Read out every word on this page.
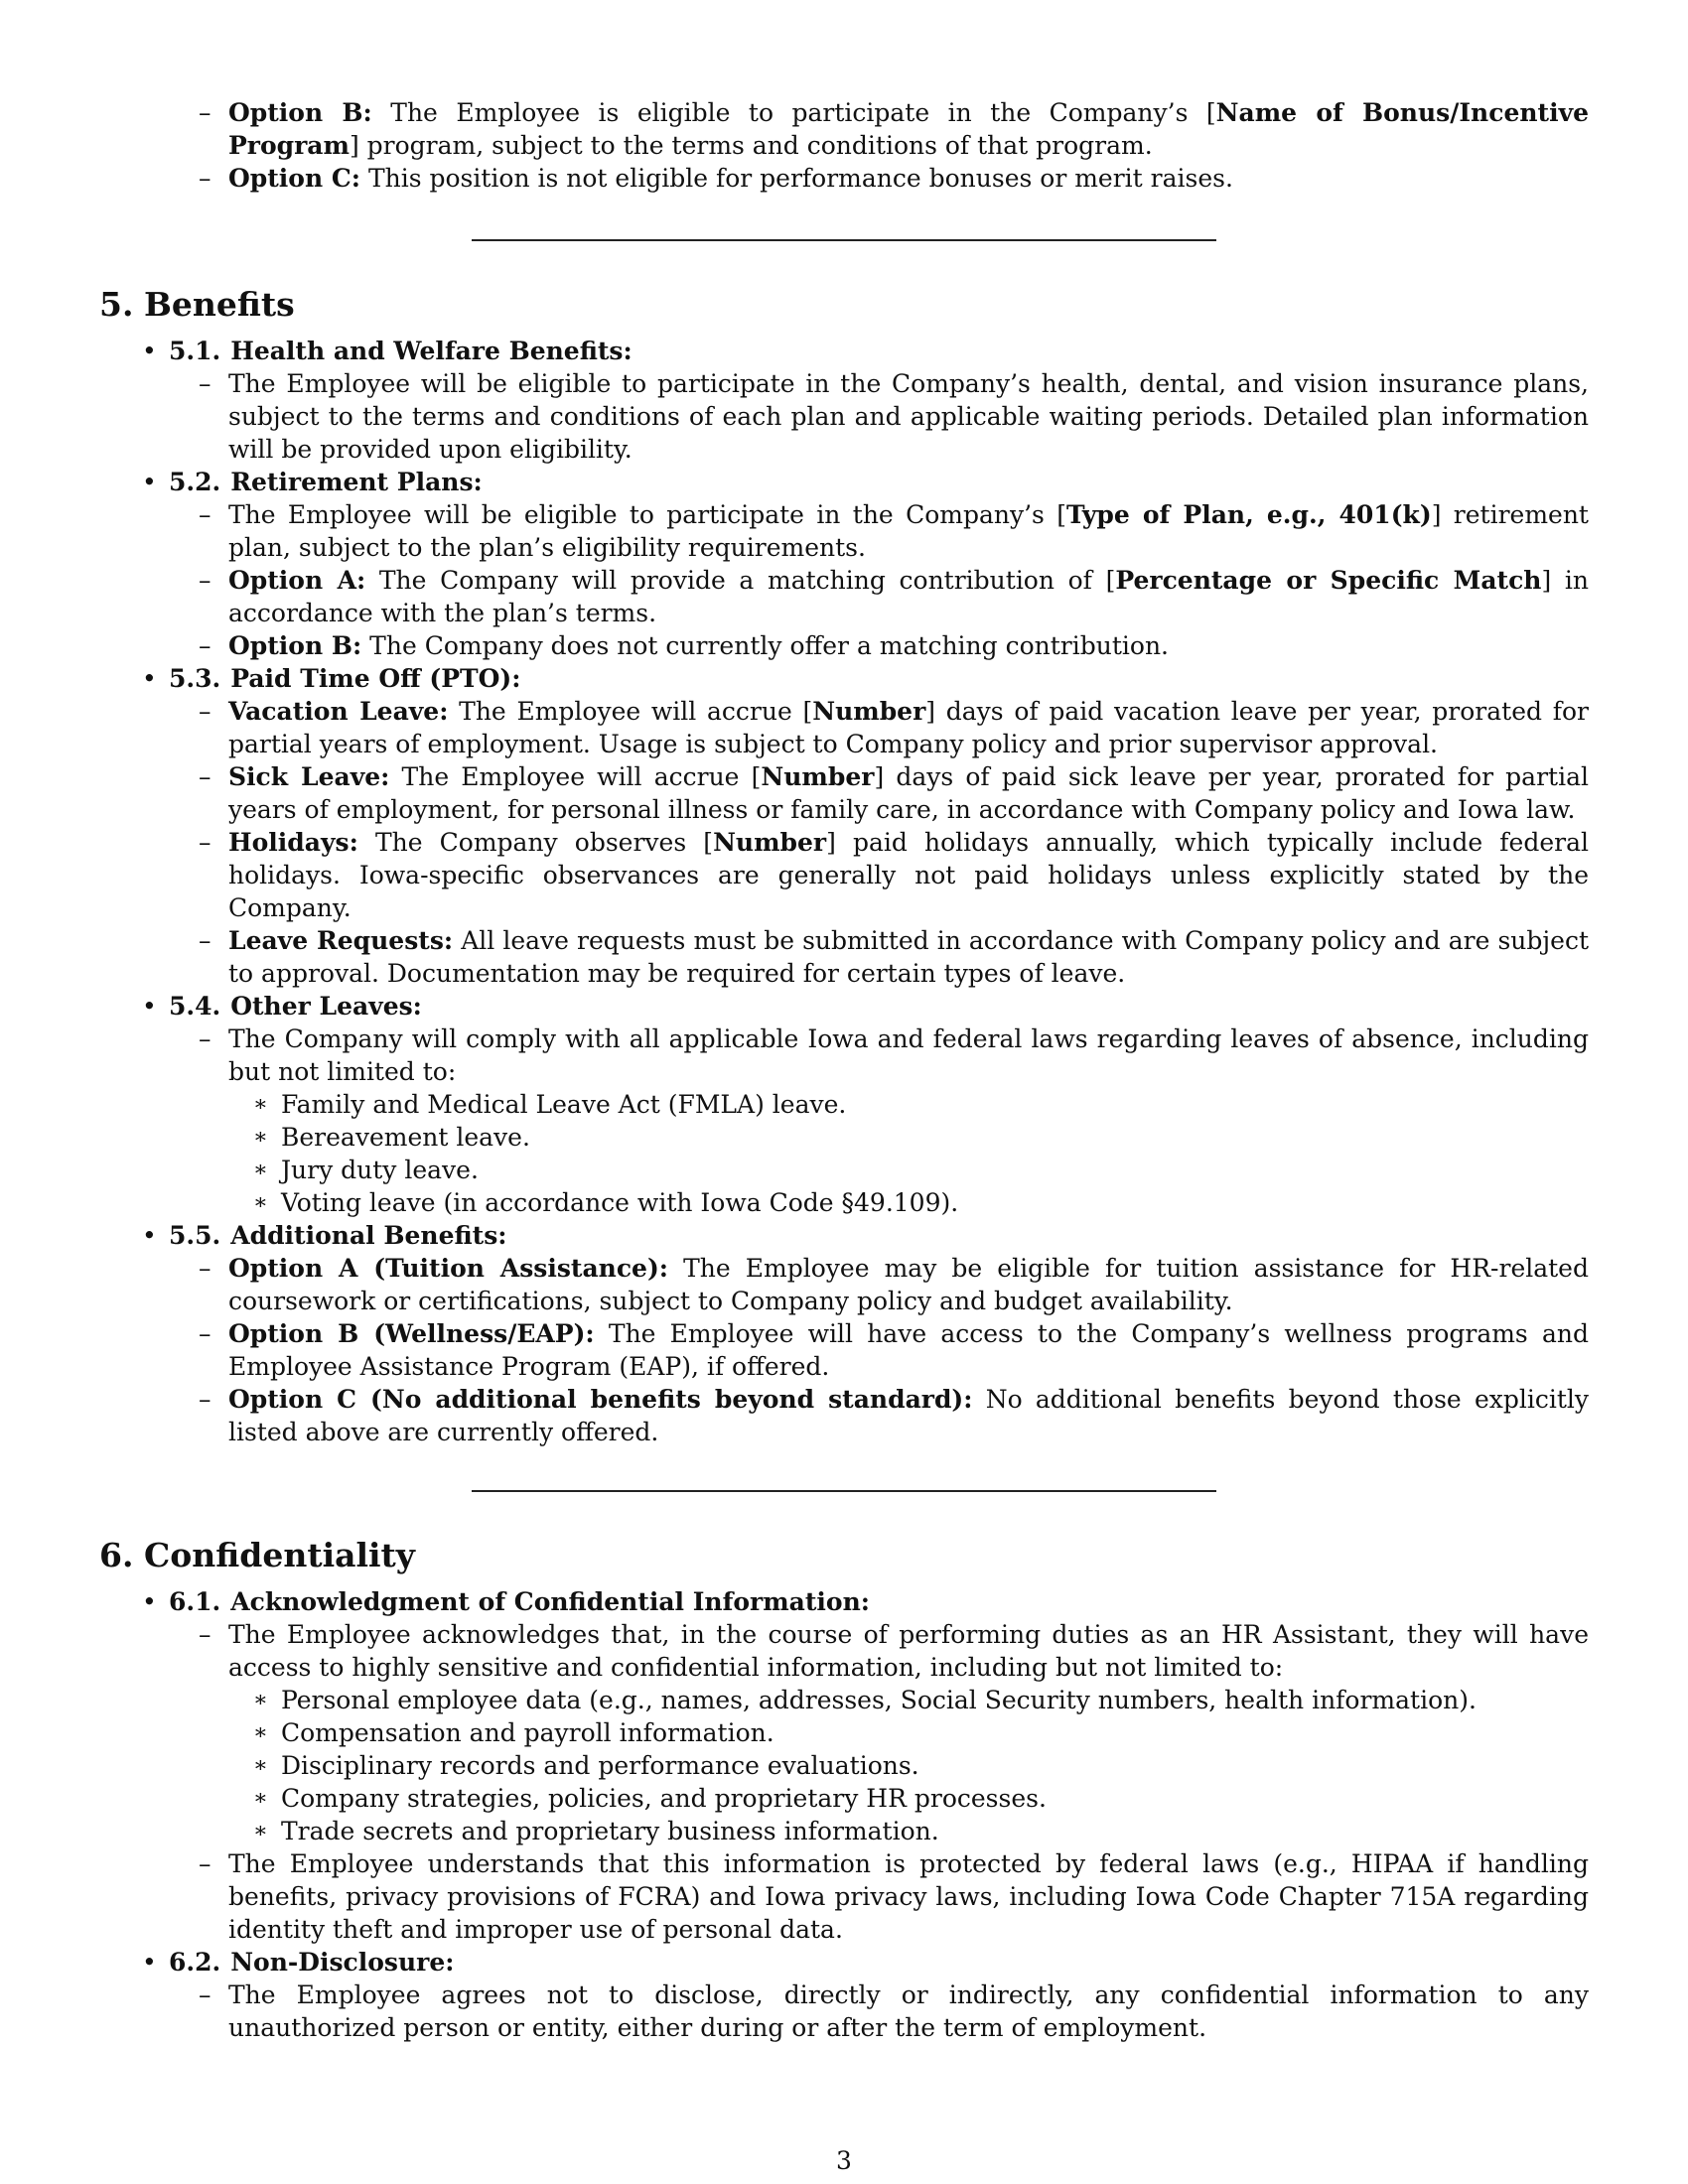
– Option B: The Employee is eligible to participate in the Company’s [Name of Bonus/Incentive Program] program, subject to the terms and conditions of that program.
– Option C: This position is not eligible for performance bonuses or merit raises.
5. Benefits
• 5.1. Health and Welfare Benefits:
– The Employee will be eligible to participate in the Company’s health, dental, and vision insurance plans, subject to the terms and conditions of each plan and applicable waiting periods. Detailed plan information will be provided upon eligibility.
• 5.2. Retirement Plans:
– The Employee will be eligible to participate in the Company’s [Type of Plan, e.g., 401(k)] retirement plan, subject to the plan’s eligibility requirements.
– Option A: The Company will provide a matching contribution of [Percentage or Specific Match] in accordance with the plan’s terms.
– Option B: The Company does not currently offer a matching contribution.
• 5.3. Paid Time Off (PTO):
– Vacation Leave: The Employee will accrue [Number] days of paid vacation leave per year, prorated for partial years of employment. Usage is subject to Company policy and prior supervisor approval.
– Sick Leave: The Employee will accrue [Number] days of paid sick leave per year, prorated for partial years of employment, for personal illness or family care, in accordance with Company policy and Iowa law.
– Holidays: The Company observes [Number] paid holidays annually, which typically include federal holidays. Iowa-specific observances are generally not paid holidays unless explicitly stated by the Company.
– Leave Requests: All leave requests must be submitted in accordance with Company policy and are subject to approval. Documentation may be required for certain types of leave.
• 5.4. Other Leaves:
– The Company will comply with all applicable Iowa and federal laws regarding leaves of absence, including but not limited to:
∗ Family and Medical Leave Act (FMLA) leave.
∗ Bereavement leave.
∗ Jury duty leave.
∗ Voting leave (in accordance with Iowa Code §49.109).
• 5.5. Additional Benefits:
– Option A (Tuition Assistance): The Employee may be eligible for tuition assistance for HR-related coursework or certifications, subject to Company policy and budget availability.
– Option B (Wellness/EAP): The Employee will have access to the Company’s wellness programs and Employee Assistance Program (EAP), if offered.
– Option C (No additional benefits beyond standard): No additional benefits beyond those explicitly listed above are currently offered.
6. Confidentiality
• 6.1. Acknowledgment of Confidential Information:
– The Employee acknowledges that, in the course of performing duties as an HR Assistant, they will have access to highly sensitive and confidential information, including but not limited to:
∗ Personal employee data (e.g., names, addresses, Social Security numbers, health information).
∗ Compensation and payroll information.
∗ Disciplinary records and performance evaluations.
∗ Company strategies, policies, and proprietary HR processes.
∗ Trade secrets and proprietary business information.
– The Employee understands that this information is protected by federal laws (e.g., HIPAA if handling benefits, privacy provisions of FCRA) and Iowa privacy laws, including Iowa Code Chapter 715A regarding identity theft and improper use of personal data.
• 6.2. Non-Disclosure:
– The Employee agrees not to disclose, directly or indirectly, any confidential information to any unauthorized person or entity, either during or after the term of employment.
3
